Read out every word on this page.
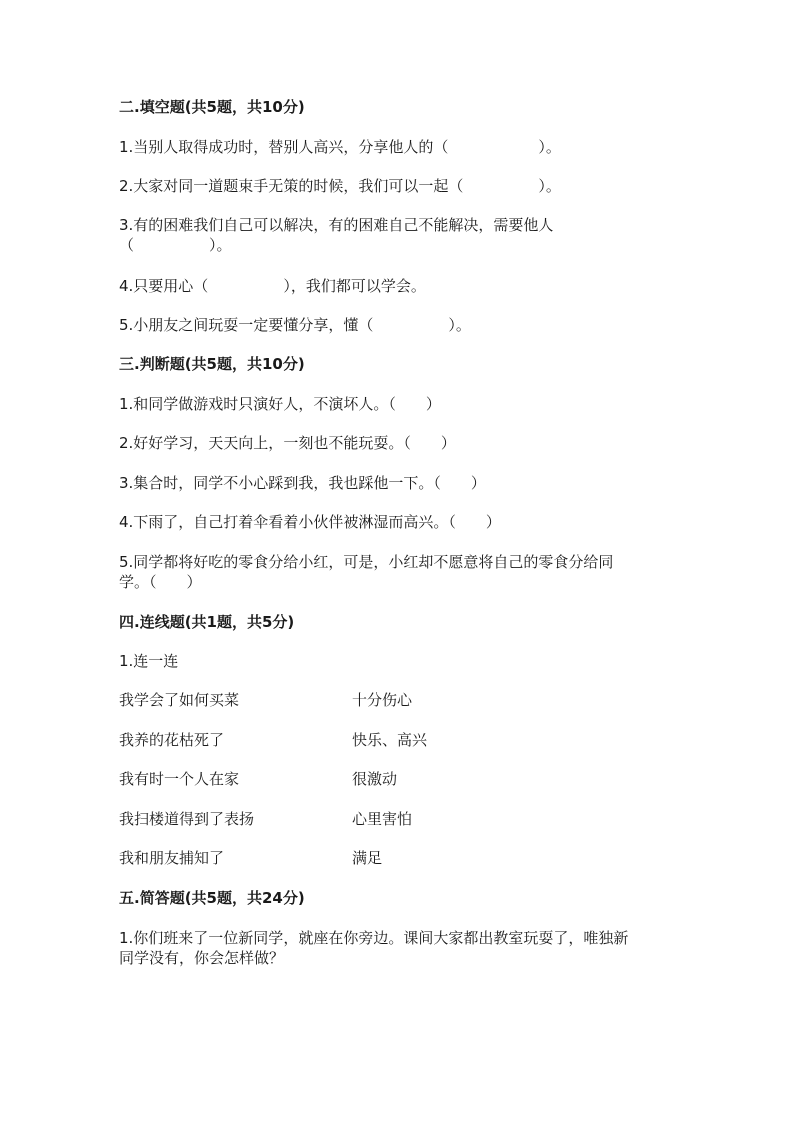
二.填空题(共5题，共10分)
1.当别人取得成功时，替别人高兴，分享他人的（　　　　　　）。
2.大家对同一道题束手无策的时候，我们可以一起（　　　　　）。
3.有的困难我们自己可以解决，有的困难自己不能解决，需要他人
（　　　　　）。
4.只要用心（　　　　　），我们都可以学会。
5.小朋友之间玩耍一定要懂分享，懂（　　　　　）。
三.判断题(共5题，共10分)
1.和同学做游戏时只演好人，不演坏人。（　　）
2.好好学习，天天向上，一刻也不能玩耍。（　　）
3.集合时，同学不小心踩到我，我也踩他一下。（　　）
4.下雨了，自己打着伞看着小伙伴被淋湿而高兴。（　　）
5.同学都将好吃的零食分给小红，可是，小红却不愿意将自己的零食分给同
学。（　　）
四.连线题(共1题，共5分)
1.连一连
我学会了如何买菜	十分伤心
我养的花枯死了	快乐、高兴
我有时一个人在家	很激动
我扫楼道得到了表扬	心里害怕
我和朋友捕知了	满足
五.简答题(共5题，共24分)
1.你们班来了一位新同学，就座在你旁边。课间大家都出教室玩耍了，唯独新
同学没有，你会怎样做？
